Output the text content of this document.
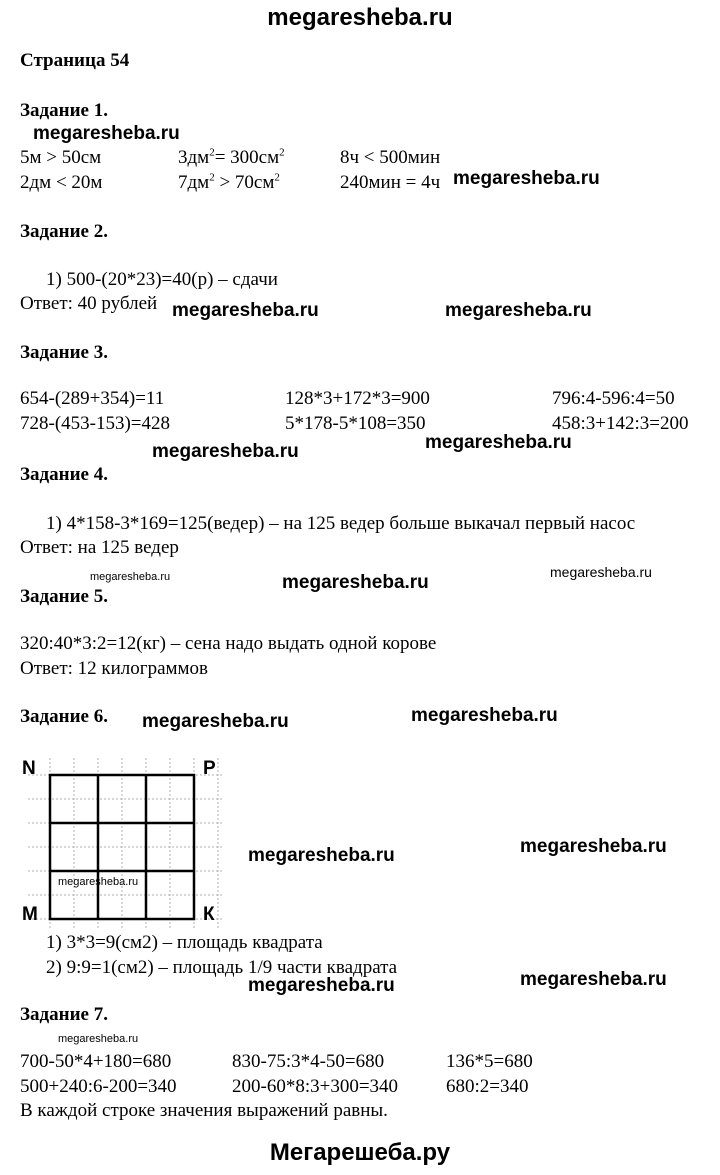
megaresheba.ru
Страница 54
Задание 1.
megaresheba.ru
5м > 50см	$3дм^2= 300см^2$	8ч < 500мин
2дм < 20м	$7дм^2 > 70см^2$	240мин = 4ч megaresheba.ru
Задание 2.
1) 500-(20*23)=40(р) – сдачи
Ответ: 40 рублей megaresheba.ru	megaresheba.ru
Задание 3.
654-(289+354)=11	128*3+172*3=900	796:4-596:4=50
728-(453-153)=428	5*178-5*108=350	458:3+142:3=200
megaresheba.ru	megaresheba.ru
Задание 4.
1) 4*158-3*169=125(ведер) – на 125 ведер больше выкачал первый насос
Ответ: на 125 ведер
megaresheba.ru	megaresheba.ru	megaresheba.ru
Задание 5.
320:40*3:2=12(кг) – сена надо выдать одной корове
Ответ: 12 килограммов
Задание 6. megaresheba.ru	megaresheba.ru
N	P
M	К
megaresheba.ru
megaresheba.ru	megaresheba.ru
1) 3*3=9(см2) – площадь квадрата
2) 9:9=1(см2) – площадь 1/9 части квадрата
megaresheba.ru	megaresheba.ru
Задание 7.
megaresheba.ru
700-50*4+180=680	830-75:3*4-50=680	136*5=680
500+240:6-200=340	200-60*8:3+300=340	680:2=340
В каждой строке значения выражений равны.
Мегарешеба.ру
